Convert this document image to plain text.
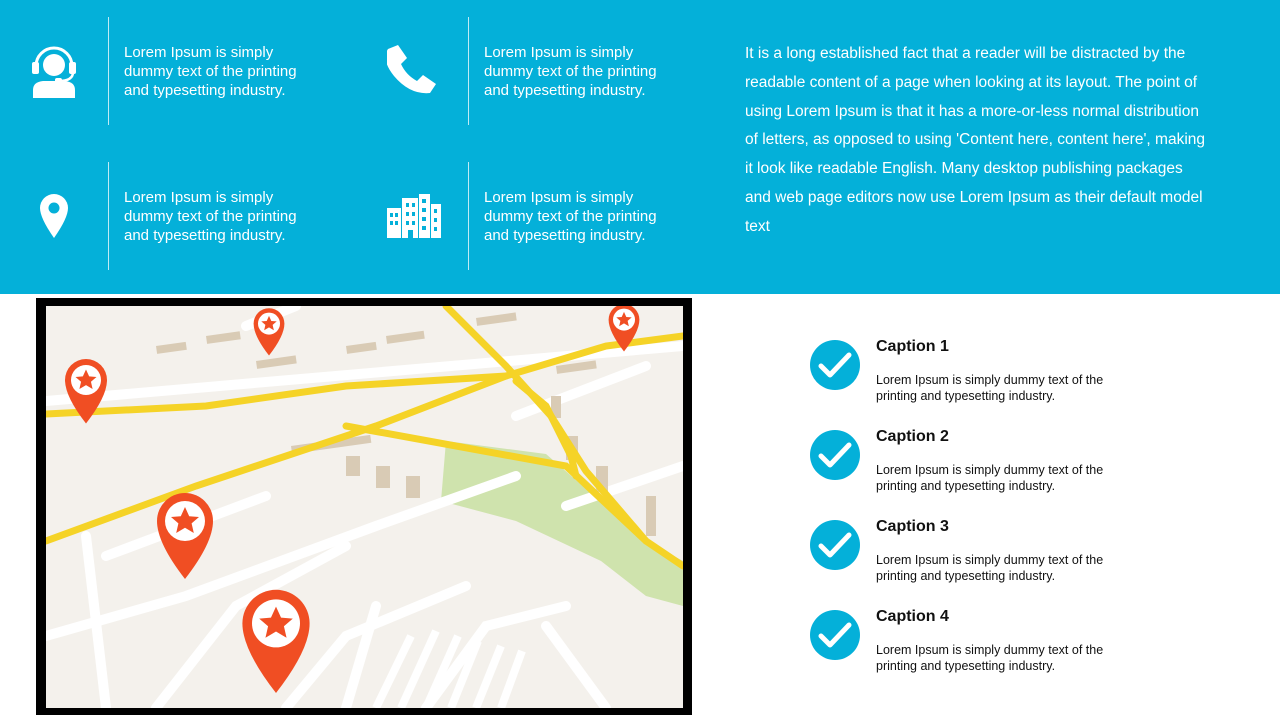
Lorem Ipsum is simply dummy text of the printing and typesetting industry.
Lorem Ipsum is simply dummy text of the printing and typesetting industry.
Lorem Ipsum is simply dummy text of the printing and typesetting industry.
Lorem Ipsum is simply dummy text of the printing and typesetting industry.
It is a long established fact that a reader will be distracted by the readable content of a page when looking at its layout. The point of using Lorem Ipsum is that it has a more-or-less normal distribution of letters, as opposed to using 'Content here, content here', making it look like readable English. Many desktop publishing packages and web page editors now use Lorem Ipsum as their default model text
Caption 1
Lorem Ipsum is simply dummy text of the printing and typesetting industry.
Caption 2
Lorem Ipsum is simply dummy text of the printing and typesetting industry.
Caption 3
Lorem Ipsum is simply dummy text of the printing and typesetting industry.
Caption 4
Lorem Ipsum is simply dummy text of the printing and typesetting industry.
